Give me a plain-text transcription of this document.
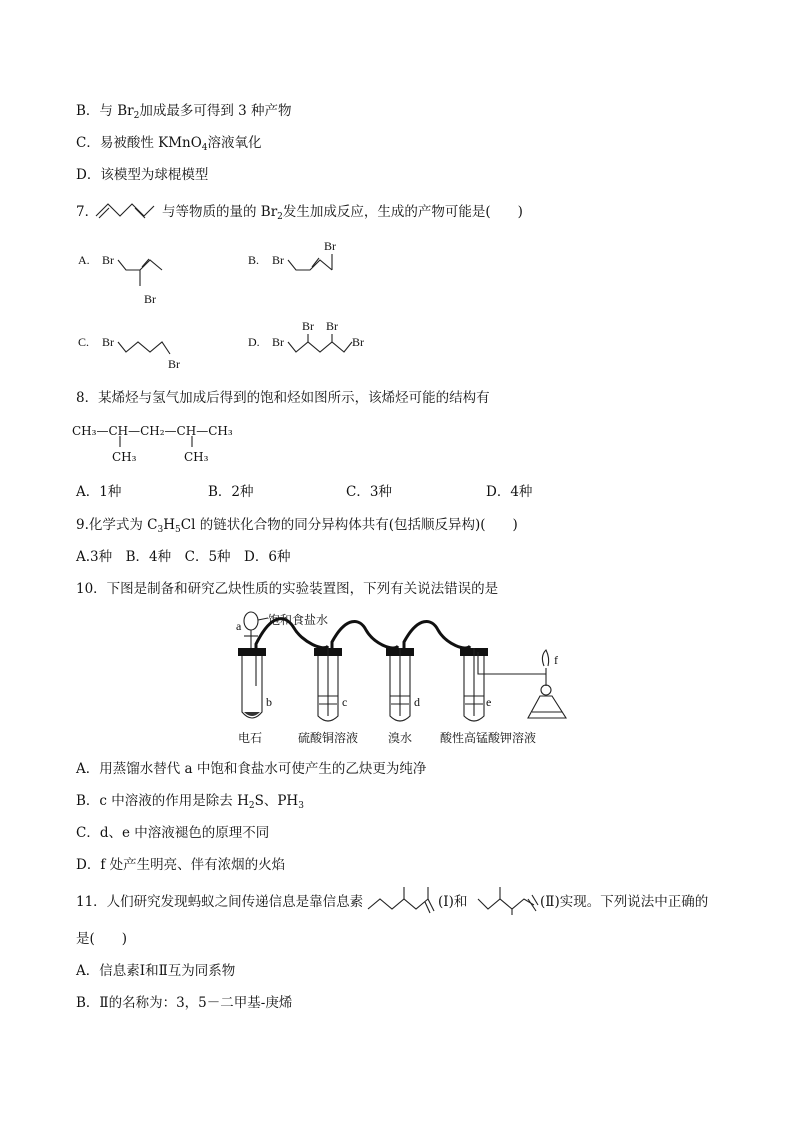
B．与 $Br_2$加成最多可得到 3 种产物
C．易被酸性 KMnO$_4$溶液氧化
D．该模型为球棍模型
7．	与等物质的量的 $Br_2$发生加成反应，生成的产物可能是(　　)
A. Br
Br
B. Br
Br
C. Br
Br
D. Br
Br Br
Br
8．某烯烃与氢气加成后得到的饱和烃如图所示，该烯烃可能的结构有
CH₃—CH—CH₂—CH—CH₃
CH₃	CH₃
A．1种	B．2种	C．3种	D．4种
9.化学式为 $C_3H_5Cl$ 的链状化合物的同分异构体共有(包括顺反异构)(　　)
A.3种　B．4种　C．5种　D．6种
10．下图是制备和研究乙炔性质的实验装置图，下列有关说法错误的是
a 饱和食盐水
b
电石
c
硫酸铜溶液
d
溴水
e
酸性高锰酸钾溶液
f
A．用蒸馏水替代 a 中饱和食盐水可使产生的乙炔更为纯净
B．c 中溶液的作用是除去 $H_2S$、$PH_3$
C．d、e 中溶液褪色的原理不同
D．f 处产生明亮、伴有浓烟的火焰
11．人们研究发现蚂蚁之间传递信息是靠信息素	(Ⅰ)和	(Ⅱ)实现。下列说法中正确的
是(　　)
A．信息素Ⅰ和Ⅱ互为同系物
B．Ⅱ的名称为：3，5－二甲基-庚烯
